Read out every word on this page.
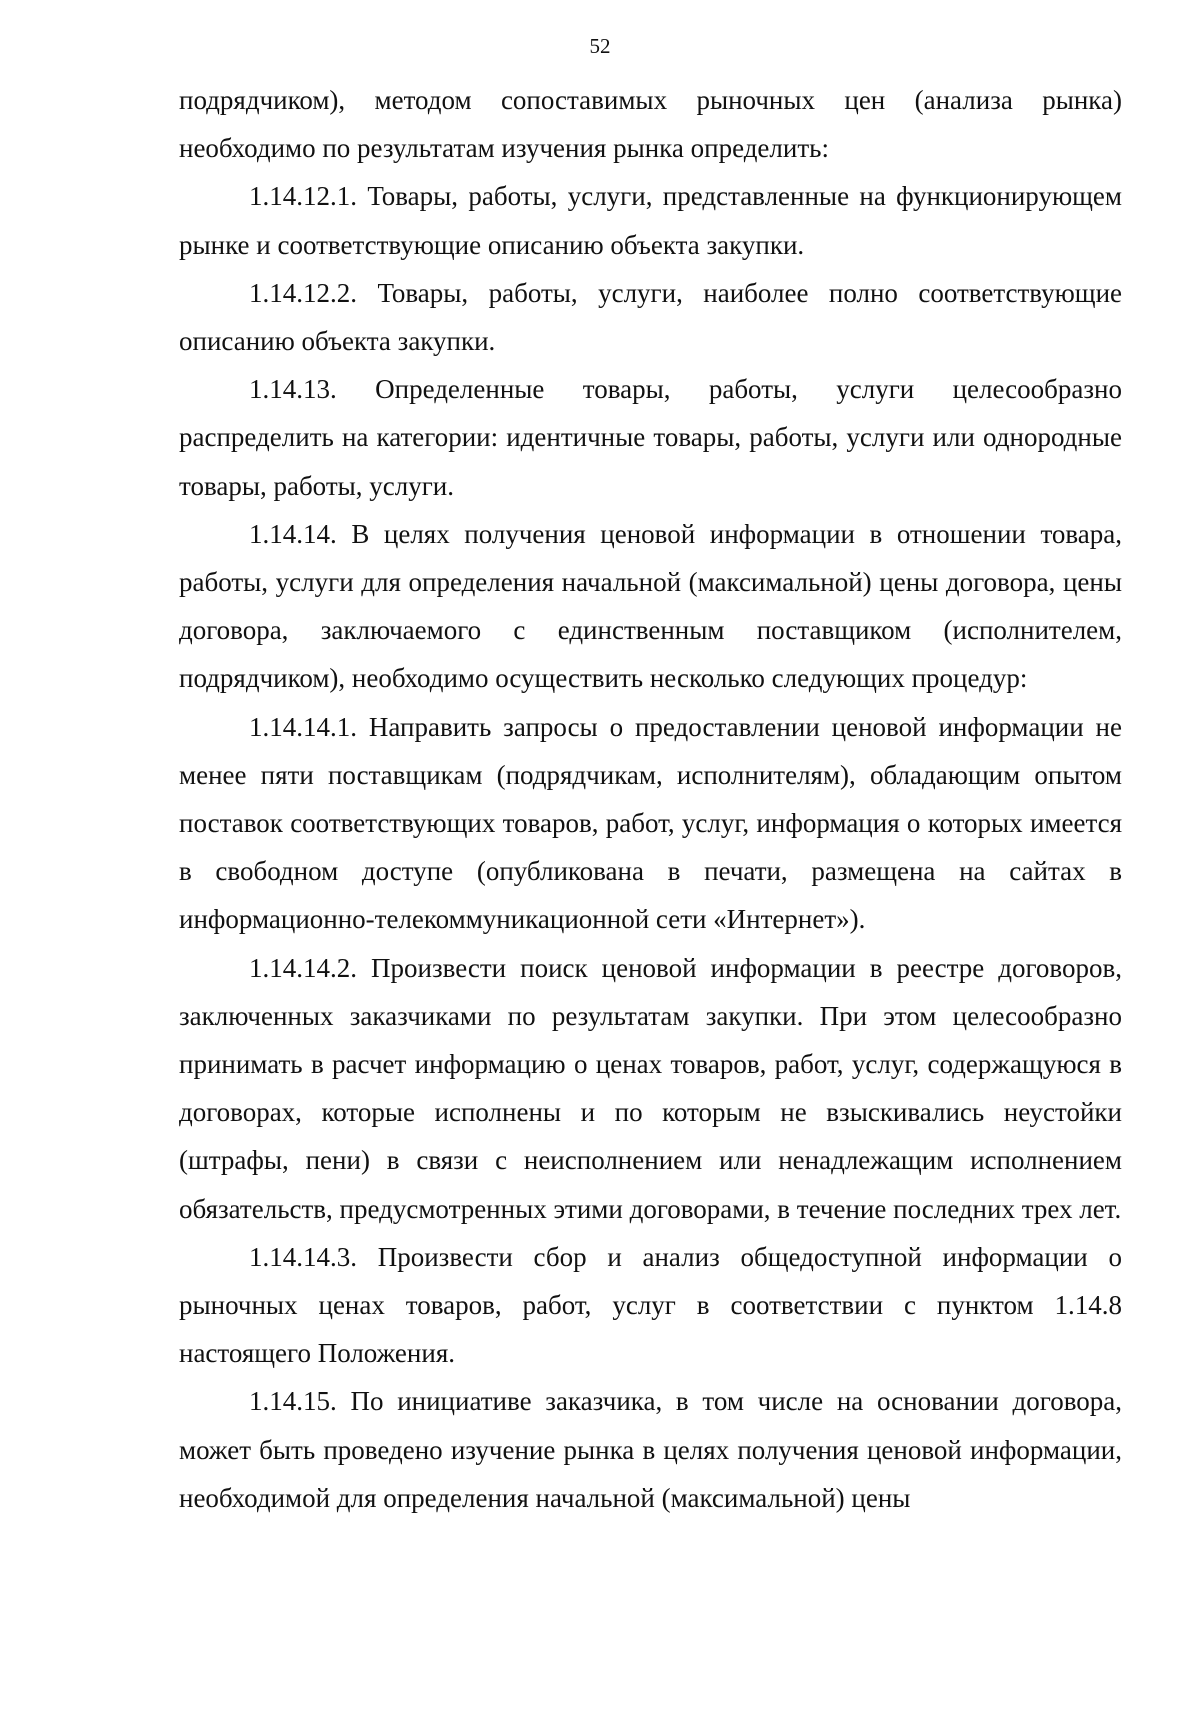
52

подрядчиком), методом сопоставимых рыночных цен (анализа рынка) необходимо по результатам изучения рынка определить:

1.14.12.1. Товары, работы, услуги, представленные на функционирующем рынке и соответствующие описанию объекта закупки.

1.14.12.2. Товары, работы, услуги, наиболее полно соответствующие описанию объекта закупки.

1.14.13. Определенные товары, работы, услуги целесообразно распределить на категории: идентичные товары, работы, услуги или однородные товары, работы, услуги.

1.14.14. В целях получения ценовой информации в отношении товара, работы, услуги для определения начальной (максимальной) цены договора, цены договора, заключаемого с единственным поставщиком (исполнителем, подрядчиком), необходимо осуществить несколько следующих процедур:

1.14.14.1. Направить запросы о предоставлении ценовой информации не менее пяти поставщикам (подрядчикам, исполнителям), обладающим опытом поставок соответствующих товаров, работ, услуг, информация о которых имеется в свободном доступе (опубликована в печати, размещена на сайтах в информационно-телекоммуникационной сети «Интернет»).

1.14.14.2. Произвести поиск ценовой информации в реестре договоров, заключенных заказчиками по результатам закупки. При этом целесообразно принимать в расчет информацию о ценах товаров, работ, услуг, содержащуюся в договорах, которые исполнены и по которым не взыскивались неустойки (штрафы, пени) в связи с неисполнением или ненадлежащим исполнением обязательств, предусмотренных этими договорами, в течение последних трех лет.

1.14.14.3. Произвести сбор и анализ общедоступной информации о рыночных ценах товаров, работ, услуг в соответствии с пунктом 1.14.8 настоящего Положения.

1.14.15. По инициативе заказчика, в том числе на основании договора, может быть проведено изучение рынка в целях получения ценовой информации, необходимой для определения начальной (максимальной) цены
